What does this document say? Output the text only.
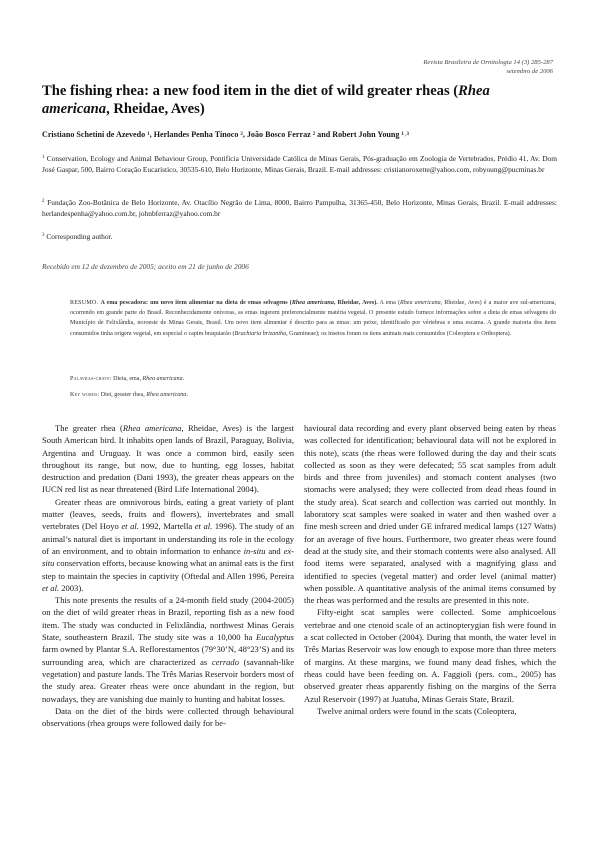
Revista Brasileira de Ornitologia 14 (3) 285-287
setembro de 2006
The fishing rhea: a new food item in the diet of wild greater rheas (Rhea americana, Rheidae, Aves)
Cristiano Schetini de Azevedo ¹, Herlandes Penha Tinoco ², João Bosco Ferraz ² and Robert John Young ¹˒³
$^1$ Conservation, Ecology and Animal Behaviour Group, Pontifícia Universidade Católica de Minas Gerais, Pós-graduação em Zoologia de Vertebrados, Prédio 41, Av. Dom José Gaspar, 500, Bairro Coração Eucarístico, 30535-610, Belo Horizonte, Minas Gerais, Brazil. E-mail addresses: cristianoroxette@yahoo.com, robyoung@pucminas.br
$^2$ Fundação Zoo-Botânica de Belo Horizonte, Av. Otacílio Negrão de Lima, 8000, Bairro Pampulha, 31365-450, Belo Horizonte, Minas Gerais, Brazil. E-mail addresses: herlandespenha@yahoo.com.br, johnbferraz@yahoo.com.br
$^3$ Corresponding author.
Recebido em 12 de dezembro de 2005; aceito em 21 de junho de 2006
RESUMO. A ema pescadora: um novo item alimentar na dieta de emas selvagens (Rhea americana, Rheidae, Aves). A ema (Rhea americana, Rheidae, Aves) é a maior ave sul-americana, ocorrendo em grande parte do Brasil. Reconhecidamente onívoras, as emas ingerem preferencialmente matéria vegetal. O presente estudo fornece informações sobre a dieta de emas selvagens do Município de Felixlândia, noroeste de Minas Gerais, Brasil. Um novo item alimentar é descrito para as emas: um peixe, identificado por vértebras e uma escama. A grande maioria dos itens consumidos tinha origem vegetal, em especial o capim braquiarão (Brachiaria brizantha, Gramineae); os insetos foram os itens animais mais consumidos (Coleoptera e Orthoptera).
Palavras-chave: Dieta, ema, Rhea americana.
Key words: Diet, greater rhea, Rhea americana.

The greater rhea (Rhea americana, Rheidae, Aves) is the largest South American bird. It inhabits open lands of Brazil, Paraguay, Bolivia, Argentina and Uruguay. It was once a common bird, easily seen throughout its range, but now, due to hunting, egg losses, habitat destruction and predation (Dani 1993), the greater rheas appears on the IUCN red list as near threatened (Bird Life International 2004).

Greater rheas are omnivorous birds, eating a great variety of plant matter (leaves, seeds, fruits and flowers), invertebrates and small vertebrates (Del Hoyo et al. 1992, Martella et al. 1996). The study of an animal’s natural diet is important in understanding its role in the ecology of an environment, and to obtain information to enhance in-situ and ex-situ conservation efforts, because knowing what an animal eats is the first step to maintain the species in captivity (Oftedal and Allen 1996, Pereira et al. 2003).

This note presents the results of a 24-month field study (2004-2005) on the diet of wild greater rheas in Brazil, reporting fish as a new food item. The study was conducted in Felixlândia, northwest Minas Gerais State, southeastern Brazil. The study site was a 10,000 ha Eucalyptus farm owned by Plantar S.A. Reflorestamentos (79°30’N, 48°23’S) and its surrounding area, which are characterized as cerrado (savannah-like vegetation) and pasture lands. The Três Marias Reservoir borders most of the study area. Greater rheas were once abundant in the region, but nowadays, they are vanishing due mainly to hunting and habitat losses.

Data on the diet of the birds were collected through behavioural observations (rhea groups were followed daily for be-

havioural data recording and every plant observed being eaten by rheas was collected for identification; behavioural data will not be explored in this note), scats (the rheas were followed during the day and their scats collected as soon as they were defecated; 55 scat samples from adult birds and three from juveniles) and stomach content analyses (two stomachs were analysed; they were collected from dead rheas found in the study area). Scat search and collection was carried out monthly. In laboratory scat samples were soaked in water and then washed over a fine mesh screen and dried under GE infrared medical lamps (127 Watts) for an average of five hours. Furthermore, two greater rheas were found dead at the study site, and their stomach contents were also analysed. All food items were separated, analysed with a magnifying glass and identified to species (vegetal matter) and order level (animal matter) when possible. A quantitative analysis of the animal items consumed by the rheas was performed and the results are presented in this note.

Fifty-eight scat samples were collected. Some amphicoelous vertebrae and one ctenoid scale of an actinopterygian fish were found in a scat collected in October (2004). During that month, the water level in Três Marias Reservoir was low enough to expose more than three meters of margins. At these margins, we found many dead fishes, which the rheas could have been feeding on. A. Faggioli (pers. com., 2005) has observed greater rheas apparently fishing on the margins of the Serra Azul Reservoir (1997) at Juatuba, Minas Gerais State, Brazil.

Twelve animal orders were found in the scats (Coleoptera,
